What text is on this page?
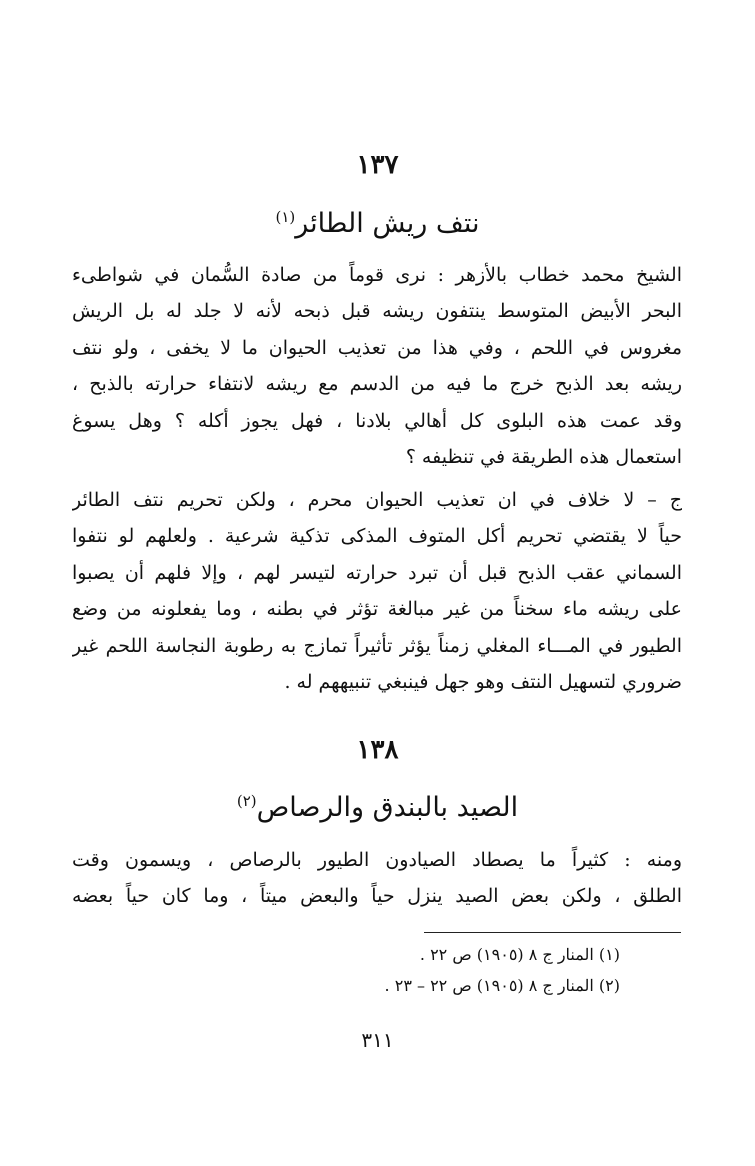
١٣٧
نتف ريش الطائر$^{(١)}$
الشيخ محمد خطاب بالأزهر : نرى قوماً من صادة السُّمان في شواطىء
البحر الأبيض المتوسط ينتفون ريشه قبل ذبحه لأنه لا جلد له بل الريش
مغروس في اللحم ، وفي هذا من تعذيب الحيوان ما لا يخفى ، ولو نتف
ريشه بعد الذبح خرج ما فيه من الدسم مع ريشه لانتفاء حرارته بالذبح ،
وقد عمت هذه البلوى كل أهالي بلادنا ، فهل يجوز أكله ؟ وهل يسوغ
استعمال هذه الطريقة في تنظيفه ؟
ج – لا خلاف في ان تعذيب الحيوان محرم ، ولكن تحريم نتف الطائر
حياً لا يقتضي تحريم أكل المتوف المذكى تذكية شرعية . ولعلهم لو نتفوا
السماني عقب الذبح قبل أن تبرد حرارته لتيسر لهم ، وإلا فلهم أن يصبوا
على ريشه ماء سخناً من غير مبالغة تؤثر في بطنه ، وما يفعلونه من وضع
الطيور في المـــاء المغلي زمناً يؤثر تأثيراً تمازج به رطوبة النجاسة اللحم غير
ضروري لتسهيل النتف وهو جهل فينبغي تنبيههم له .
١٣٨
الصيد بالبندق والرصاص$^{(٢)}$
ومنه : كثيراً ما يصطاد الصيادون الطيور بالرصاص ، ويسمون وقت
الطلق ، ولكن بعض الصيد ينزل حياً والبعض ميتاً ، وما كان حياً بعضه
(١) المنار ج ٨ (١٩٠٥) ص ٢٢ .
(٢) المنار ج ٨ (١٩٠٥) ص ٢٢ – ٢٣ .
٣١١
